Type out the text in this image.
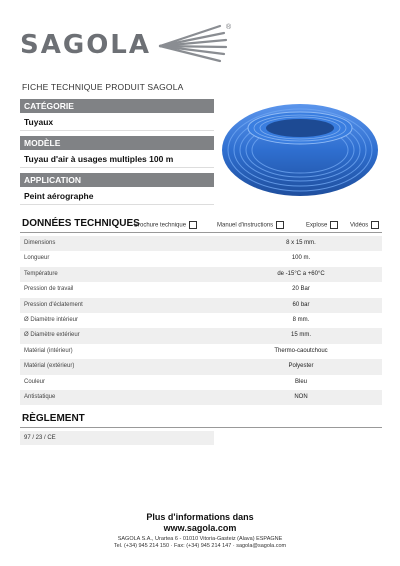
SAGOLA
®
FICHE TECHNIQUE PRODUIT SAGOLA
CATÉGORIE
Tuyaux
MODÈLE
Tuyau d'air à usages multiples 100 m
APPLICATION
Peint aérographe
DONNÉES TECHNIQUES
Brochure technique	Manuel d'instructions	Explose	Vidéos
Dimensions	8 x 15 mm.
Longueur	100 m.
Température	de -15°C a +60°C
Pression de travail	20 Bar
Pression d'éclatement	60 bar
Ø Diamètre intérieur	8 mm.
Ø Diamètre extérieur	15 mm.
Matérial (intérieur)	Thermo-caoutchouc
Matérial (extérieur)	Polyester
Couleur	Bleu
Antistatique	NON
RÈGLEMENT
97 / 23 / CE
Plus d'informations dans
www.sagola.com
SAGOLA S.A., Urartea 6 - 01010 Vitoria-Gasteiz (Alava) ESPAGNE
Tel. (+34) 945 214 150 · Fax: (+34) 945 214 147 · sagola@sagola.com
